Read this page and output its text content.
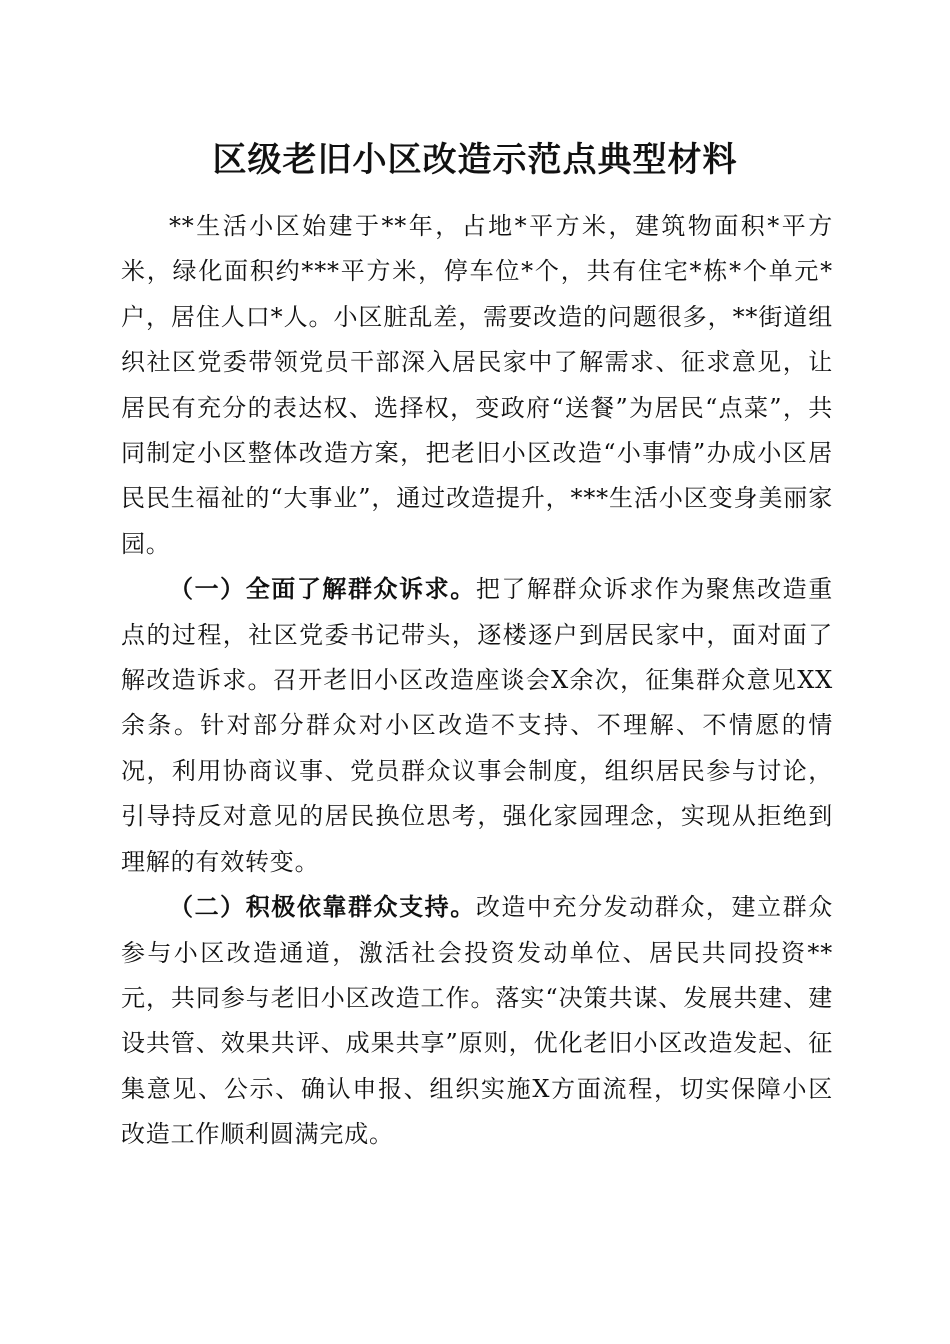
区级老旧小区改造示范点典型材料

**生活小区始建于**年，占地*平方米，建筑物面积*平方米，绿化面积约***平方米，停车位*个，共有住宅*栋*个单元*户，居住人口*人。小区脏乱差，需要改造的问题很多，**街道组织社区党委带领党员干部深入居民家中了解需求、征求意见，让居民有充分的表达权、选择权，变政府“送餐”为居民“点菜”，共同制定小区整体改造方案，把老旧小区改造“小事情”办成小区居民民生福祉的“大事业”，通过改造提升，***生活小区变身美丽家园。

（一）全面了解群众诉求。把了解群众诉求作为聚焦改造重点的过程，社区党委书记带头，逐楼逐户到居民家中，面对面了解改造诉求。召开老旧小区改造座谈会X余次，征集群众意见XX余条。针对部分群众对小区改造不支持、不理解、不情愿的情况，利用协商议事、党员群众议事会制度，组织居民参与讨论，引导持反对意见的居民换位思考，强化家园理念，实现从拒绝到理解的有效转变。

（二）积极依靠群众支持。改造中充分发动群众，建立群众参与小区改造通道，激活社会投资发动单位、居民共同投资**元，共同参与老旧小区改造工作。落实“决策共谋、发展共建、建设共管、效果共评、成果共享”原则，优化老旧小区改造发起、征集意见、公示、确认申报、组织实施X方面流程，切实保障小区改造工作顺利圆满完成。
